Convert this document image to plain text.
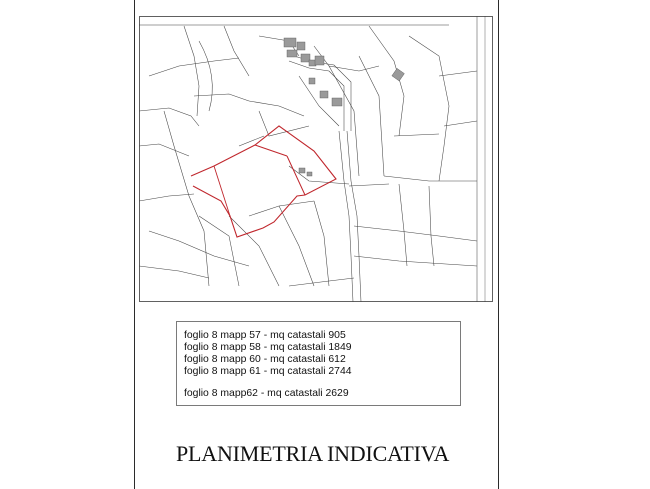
foglio 8 mapp 57 - mq catastali 905
foglio 8 mapp 58 - mq catastali 1849
foglio 8 mapp 60 - mq catastali 612
foglio 8 mapp 61 - mq catastali 2744
foglio 8 mapp62 - mq catastali 2629
PLANIMETRIA INDICATIVA
